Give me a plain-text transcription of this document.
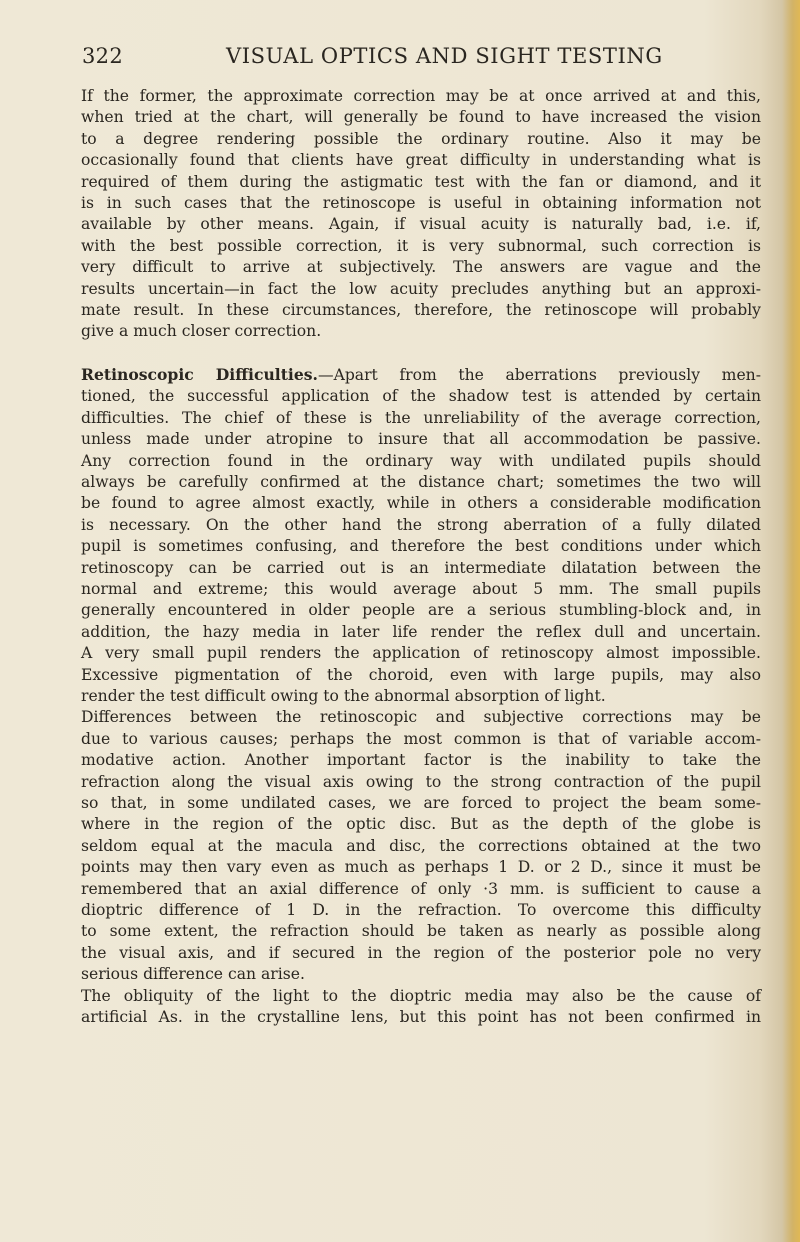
322	VISUAL OPTICS AND SIGHT TESTING
If the former, the approximate correction may be at once arrived at and this,
when tried at the chart, will generally be found to have increased the vision
to a degree rendering possible the ordinary routine. Also it may be
occasionally found that clients have great difficulty in understanding what is
required of them during the astigmatic test with the fan or diamond, and it
is in such cases that the retinoscope is useful in obtaining information not
available by other means. Again, if visual acuity is naturally bad, i.e. if,
with the best possible correction, it is very subnormal, such correction is
very difficult to arrive at subjectively. The answers are vague and the
results uncertain—in fact the low acuity precludes anything but an approxi-
mate result. In these circumstances, therefore, the retinoscope will probably
give a much closer correction.
Retinoscopic Difficulties.—Apart from the aberrations previously men-
tioned, the successful application of the shadow test is attended by certain
difficulties. The chief of these is the unreliability of the average correction,
unless made under atropine to insure that all accommodation be passive.
Any correction found in the ordinary way with undilated pupils should
always be carefully confirmed at the distance chart; sometimes the two will
be found to agree almost exactly, while in others a considerable modification
is necessary. On the other hand the strong aberration of a fully dilated
pupil is sometimes confusing, and therefore the best conditions under which
retinoscopy can be carried out is an intermediate dilatation between the
normal and extreme; this would average about 5 mm. The small pupils
generally encountered in older people are a serious stumbling-block and, in
addition, the hazy media in later life render the reflex dull and uncertain.
A very small pupil renders the application of retinoscopy almost impossible.
Excessive pigmentation of the choroid, even with large pupils, may also
render the test difficult owing to the abnormal absorption of light.
Differences between the retinoscopic and subjective corrections may be
due to various causes; perhaps the most common is that of variable accom-
modative action. Another important factor is the inability to take the
refraction along the visual axis owing to the strong contraction of the pupil
so that, in some undilated cases, we are forced to project the beam some-
where in the region of the optic disc. But as the depth of the globe is
seldom equal at the macula and disc, the corrections obtained at the two
points may then vary even as much as perhaps 1 D. or 2 D., since it must be
remembered that an axial difference of only ·3 mm. is sufficient to cause a
dioptric difference of 1 D. in the refraction. To overcome this difficulty
to some extent, the refraction should be taken as nearly as possible along
the visual axis, and if secured in the region of the posterior pole no very
serious difference can arise.
The obliquity of the light to the dioptric media may also be the cause of
artificial As. in the crystalline lens, but this point has not been confirmed in
